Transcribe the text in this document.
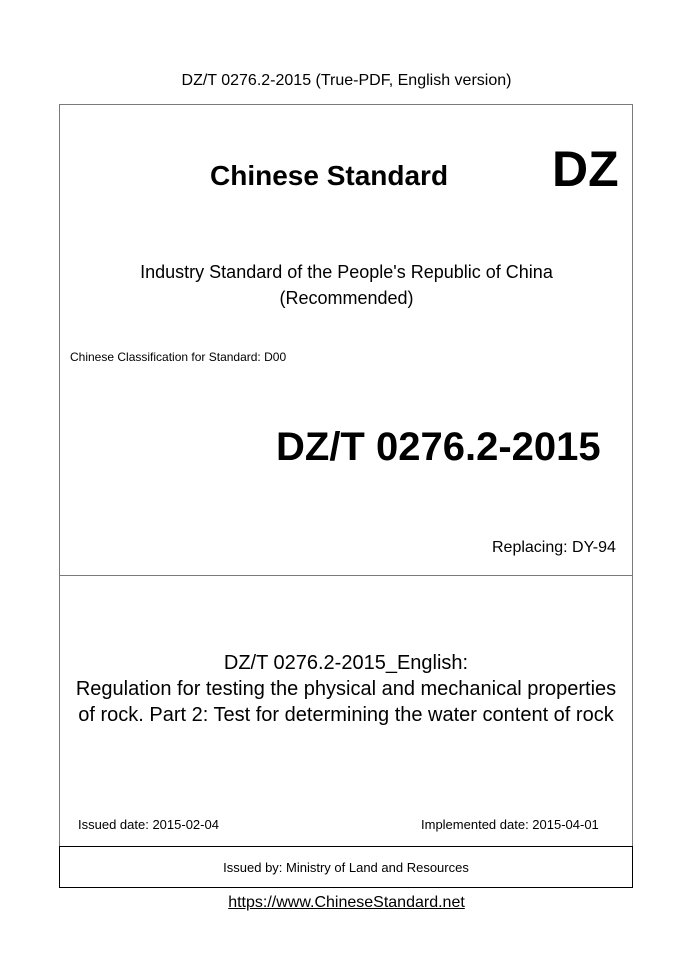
DZ/T 0276.2-2015 (True-PDF, English version)
Chinese Standard DZ
Industry Standard of the People's Republic of China
(Recommended)
Chinese Classification for Standard: D00
DZ/T 0276.2-2015
Replacing: DY-94
DZ/T 0276.2-2015_English:
Regulation for testing the physical and mechanical properties
of rock. Part 2: Test for determining the water content of rock
Issued date: 2015-02-04	Implemented date: 2015-04-01
Issued by: Ministry of Land and Resources
https://www.ChineseStandard.net
